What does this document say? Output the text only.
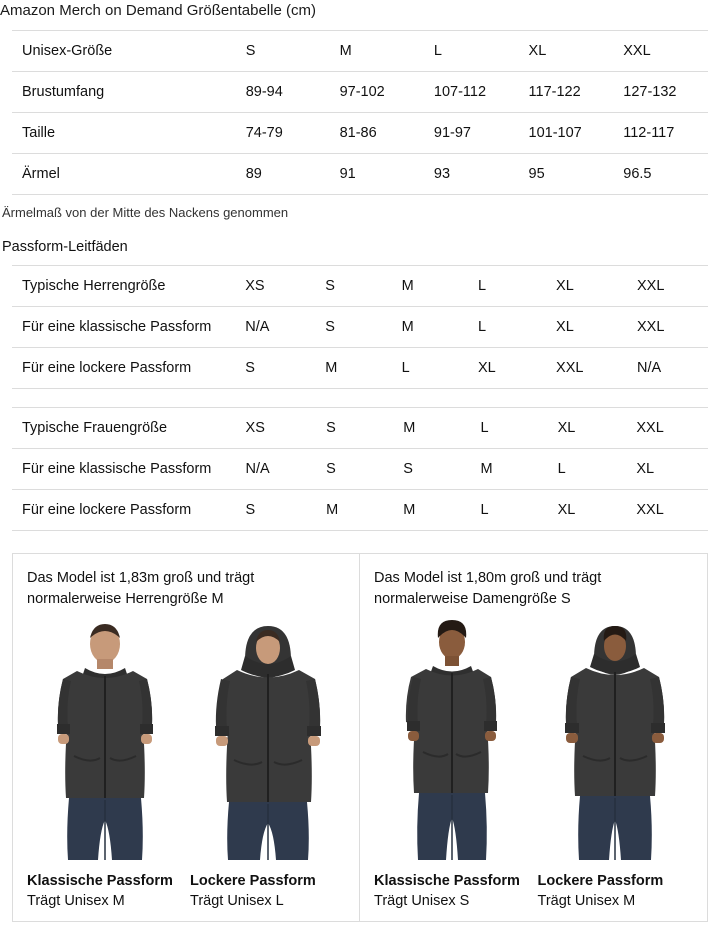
Amazon Merch on Demand Größentabelle (cm)
Unisex-Größe	S	M	L	XL	XXL
Brustumfang	89-94	97-102	107-112	117-122	127-132
Taille	74-79	81-86	91-97	101-107	112-117
Ärmel	89	91	93	95	96.5
Ärmelmaß von der Mitte des Nackens genommen
Passform-Leitfäden
Typische Herrengröße	XS	S	M	L	XL	XXL
Für eine klassische Passform	N/A	S	M	L	XL	XXL
Für eine lockere Passform	S	M	L	XL	XXL	N/A
Typische Frauengröße	XS	S	M	L	XL	XXL
Für eine klassische Passform	N/A	S	S	M	L	XL
Für eine lockere Passform	S	M	M	L	XL	XXL
Das Model ist 1,83m groß und trägt normalerweise Herrengröße M
Klassische Passform
Trägt Unisex M
Lockere Passform
Trägt Unisex L
Das Model ist 1,80m groß und trägt normalerweise Damengröße S
Klassische Passform
Trägt Unisex S
Lockere Passform
Trägt Unisex M
